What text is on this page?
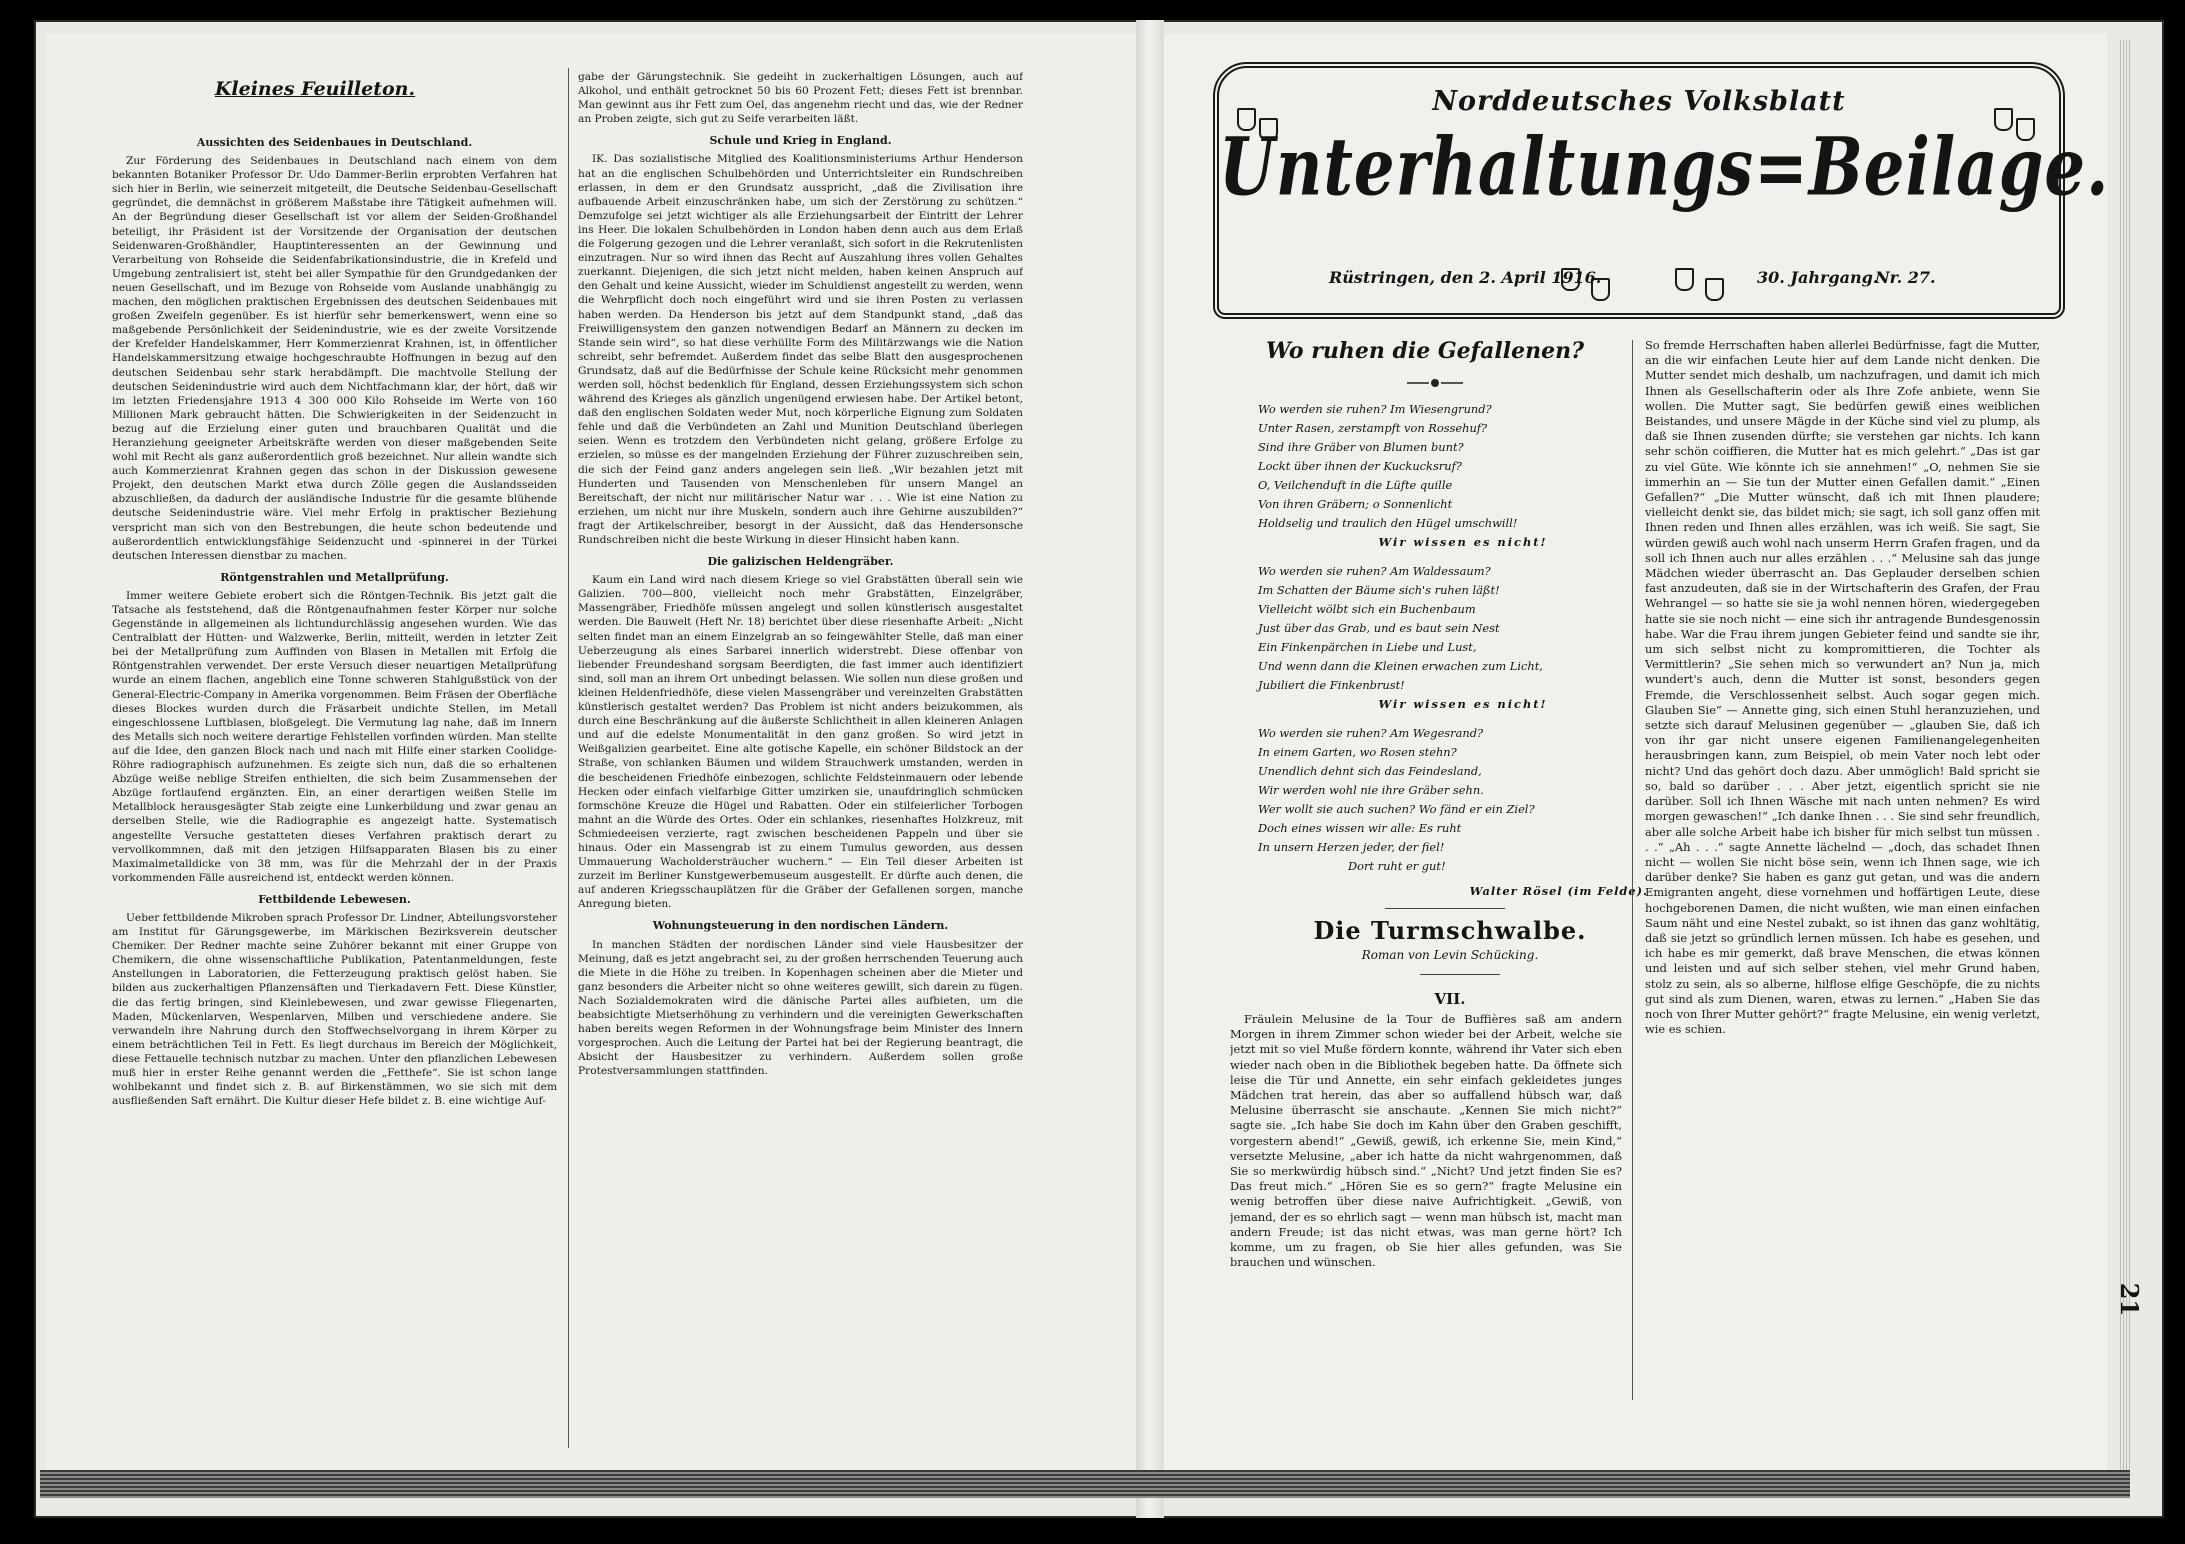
Kleines Feuilleton.
Aussichten des Seidenbaues in Deutschland.

Zur Förderung des Seidenbaues in Deutschland nach einem von dem bekannten Botaniker Professor Dr. Udo Dammer-Berlin erprobten Verfahren hat sich hier in Berlin, wie seinerzeit mitgeteilt, die Deutsche Seidenbau-Gesellschaft gegründet, die demnächst in größerem Maßstabe ihre Tätigkeit aufnehmen will. An der Begründung dieser Gesellschaft ist vor allem der Seiden-Großhandel beteiligt, ihr Präsident ist der Vorsitzende der Organisation der deutschen Seidenwaren-Großhändler, Hauptinteressenten an der Gewinnung und Verarbeitung von Rohseide die Seidenfabrikationsindustrie, die in Krefeld und Umgebung zentralisiert ist, steht bei aller Sympathie für den Grundgedanken der neuen Gesellschaft, und im Bezuge von Rohseide vom Auslande unabhängig zu machen, den möglichen praktischen Ergebnissen des deutschen Seidenbaues mit großen Zweifeln gegenüber. Es ist hierfür sehr bemerkenswert, wenn eine so maßgebende Persönlichkeit der Seidenindustrie, wie es der zweite Vorsitzende der Krefelder Handelskammer, Herr Kommerzienrat Krahnen, ist, in öffentlicher Handelskammersitzung etwaige hochgeschraubte Hoffnungen in bezug auf den deutschen Seidenbau sehr stark herabdämpft. Die machtvolle Stellung der deutschen Seidenindustrie wird auch dem Nichtfachmann klar, der hört, daß wir im letzten Friedensjahre 1913 4 300 000 Kilo Rohseide im Werte von 160 Millionen Mark gebraucht hätten. Die Schwierigkeiten in der Seidenzucht in bezug auf die Erzielung einer guten und brauchbaren Qualität und die Heranziehung geeigneter Arbeitskräfte werden von dieser maßgebenden Seite wohl mit Recht als ganz außerordentlich groß bezeichnet. Nur allein wandte sich auch Kommerzienrat Krahnen gegen das schon in der Diskussion gewesene Projekt, den deutschen Markt etwa durch Zölle gegen die Auslandsseiden abzuschließen, da dadurch der ausländische Industrie für die gesamte blühende deutsche Seidenindustrie wäre. Viel mehr Erfolg in praktischer Beziehung verspricht man sich von den Bestrebungen, die heute schon bedeutende und außerordentlich entwicklungsfähige Seidenzucht und -spinnerei in der Türkei deutschen Interessen dienstbar zu machen.

Röntgenstrahlen und Metallprüfung.

Immer weitere Gebiete erobert sich die Röntgen-Technik. Bis jetzt galt die Tatsache als feststehend, daß die Röntgenaufnahmen fester Körper nur solche Gegenstände in allgemeinen als lichtundurchlässig angesehen wurden. Wie das Centralblatt der Hütten- und Walzwerke, Berlin, mitteilt, werden in letzter Zeit bei der Metallprüfung zum Auffinden von Blasen in Metallen mit Erfolg die Röntgenstrahlen verwendet. Der erste Versuch dieser neuartigen Metallprüfung wurde an einem flachen, angeblich eine Tonne schweren Stahlgußstück von der General-Electric-Company in Amerika vorgenommen. Beim Fräsen der Oberfläche dieses Blockes wurden durch die Fräsarbeit undichte Stellen, im Metall eingeschlossene Luftblasen, bloßgelegt. Die Vermutung lag nahe, daß im Innern des Metalls sich noch weitere derartige Fehlstellen vorfinden würden. Man stellte auf die Idee, den ganzen Block nach und nach mit Hilfe einer starken Coolidge-Röhre radiographisch aufzunehmen. Es zeigte sich nun, daß die so erhaltenen Abzüge weiße neblige Streifen enthielten, die sich beim Zusammensehen der Abzüge fortlaufend ergänzten. Ein, an einer derartigen weißen Stelle im Metallblock herausgesägter Stab zeigte eine Lunkerbildung und zwar genau an derselben Stelle, wie die Radiographie es angezeigt hatte. Systematisch angestellte Versuche gestatteten dieses Verfahren praktisch derart zu vervollkommnen, daß mit den jetzigen Hilfsapparaten Blasen bis zu einer Maximalmetalldicke von 38 mm, was für die Mehrzahl der in der Praxis vorkommenden Fälle ausreichend ist, entdeckt werden können.

Fettbildende Lebewesen.

Ueber fettbildende Mikroben sprach Professor Dr. Lindner, Abteilungsvorsteher am Institut für Gärungsgewerbe, im Märkischen Bezirksverein deutscher Chemiker. Der Redner machte seine Zuhörer bekannt mit einer Gruppe von Chemikern, die ohne wissenschaftliche Publikation, Patentanmeldungen, feste Anstellungen in Laboratorien, die Fetterzeugung praktisch gelöst haben. Sie bilden aus zuckerhaltigen Pflanzensäften und Tierkadavern Fett. Diese Künstler, die das fertig bringen, sind Kleinlebewesen, und zwar gewisse Fliegenarten, Maden, Mückenlarven, Wespenlarven, Milben und verschiedene andere. Sie verwandeln ihre Nahrung durch den Stoffwechselvorgang in ihrem Körper zu einem beträchtlichen Teil in Fett. Es liegt durchaus im Bereich der Möglichkeit, diese Fettauelle technisch nutzbar zu machen. Unter den pflanzlichen Lebewesen muß hier in erster Reihe genannt werden die „Fetthefe“. Sie ist schon lange wohlbekannt und findet sich z. B. auf Birkenstämmen, wo sie sich mit dem ausfließenden Saft ernährt. Die Kultur dieser Hefe bildet z. B. eine wichtige Auf-

gabe der Gärungstechnik. Sie gedeiht in zuckerhaltigen Lösungen, auch auf Alkohol, und enthält getrocknet 50 bis 60 Prozent Fett; dieses Fett ist brennbar. Man gewinnt aus ihr Fett zum Oel, das angenehm riecht und das, wie der Redner an Proben zeigte, sich gut zu Seife verarbeiten läßt.

Schule und Krieg in England.

IK. Das sozialistische Mitglied des Koalitionsministeriums Arthur Henderson hat an die englischen Schulbehörden und Unterrichtsleiter ein Rundschreiben erlassen, in dem er den Grundsatz ausspricht, „daß die Zivilisation ihre aufbauende Arbeit einzuschränken habe, um sich der Zerstörung zu schützen.“ Demzufolge sei jetzt wichtiger als alle Erziehungsarbeit der Eintritt der Lehrer ins Heer. Die lokalen Schulbehörden in London haben denn auch aus dem Erlaß die Folgerung gezogen und die Lehrer veranlaßt, sich sofort in die Rekrutenlisten einzutragen. Nur so wird ihnen das Recht auf Auszahlung ihres vollen Gehaltes zuerkannt. Diejenigen, die sich jetzt nicht melden, haben keinen Anspruch auf den Gehalt und keine Aussicht, wieder im Schuldienst angestellt zu werden, wenn die Wehrpflicht doch noch eingeführt wird und sie ihren Posten zu verlassen haben werden. Da Henderson bis jetzt auf dem Standpunkt stand, „daß das Freiwilligensystem den ganzen notwendigen Bedarf an Männern zu decken im Stande sein wird“, so hat diese verhüllte Form des Militärzwangs wie die Nation schreibt, sehr befremdet. Außerdem findet das selbe Blatt den ausgesprochenen Grundsatz, daß auf die Bedürfnisse der Schule keine Rücksicht mehr genommen werden soll, höchst bedenklich für England, dessen Erziehungssystem sich schon während des Krieges als gänzlich ungenügend erwiesen habe. Der Artikel betont, daß den englischen Soldaten weder Mut, noch körperliche Eignung zum Soldaten fehle und daß die Verbündeten an Zahl und Munition Deutschland überlegen seien. Wenn es trotzdem den Verbündeten nicht gelang, größere Erfolge zu erzielen, so müsse es der mangelnden Erziehung der Führer zuzuschreiben sein, die sich der Feind ganz anders angelegen sein ließ. „Wir bezahlen jetzt mit Hunderten und Tausenden von Menschenleben für unsern Mangel an Bereitschaft, der nicht nur militärischer Natur war . . . Wie ist eine Nation zu erziehen, um nicht nur ihre Muskeln, sondern auch ihre Gehirne auszubilden?“ fragt der Artikelschreiber, besorgt in der Aussicht, daß das Hendersonsche Rundschreiben nicht die beste Wirkung in dieser Hinsicht haben kann.

Die galizischen Heldengräber.

Kaum ein Land wird nach diesem Kriege so viel Grabstätten überall sein wie Galizien. 700—800, vielleicht noch mehr Grabstätten, Einzelgräber, Massengräber, Friedhöfe müssen angelegt und sollen künstlerisch ausgestaltet werden. Die Bauwelt (Heft Nr. 18) berichtet über diese riesenhafte Arbeit: „Nicht selten findet man an einem Einzelgrab an so feingewählter Stelle, daß man einer Ueberzeugung als eines Sarbarei innerlich widerstrebt. Diese offenbar von liebender Freundeshand sorgsam Beerdigten, die fast immer auch identifiziert sind, soll man an ihrem Ort unbedingt belassen. Wie sollen nun diese großen und kleinen Heldenfriedhöfe, diese vielen Massengräber und vereinzelten Grabstätten künstlerisch gestaltet werden? Das Problem ist nicht anders beizukommen, als durch eine Beschränkung auf die äußerste Schlichtheit in allen kleineren Anlagen und auf die edelste Monumentalität in den ganz großen. So wird jetzt in Weißgalizien gearbeitet. Eine alte gotische Kapelle, ein schöner Bildstock an der Straße, von schlanken Bäumen und wildem Strauchwerk umstanden, werden in die bescheidenen Friedhöfe einbezogen, schlichte Feldsteinmauern oder lebende Hecken oder einfach vielfarbige Gitter umzirken sie, unaufdringlich schmücken formschöne Kreuze die Hügel und Rabatten. Oder ein stilfeierlicher Torbogen mahnt an die Würde des Ortes. Oder ein schlankes, riesenhaftes Holzkreuz, mit Schmiedeeisen verzierte, ragt zwischen bescheidenen Pappeln und über sie hinaus. Oder ein Massengrab ist zu einem Tumulus geworden, aus dessen Ummauerung Wacholdersträucher wuchern.“ — Ein Teil dieser Arbeiten ist zurzeit im Berliner Kunstgewerbemuseum ausgestellt. Er dürfte auch denen, die auf anderen Kriegsschauplätzen für die Gräber der Gefallenen sorgen, manche Anregung bieten.

Wohnungsteuerung in den nordischen Ländern.

In manchen Städten der nordischen Länder sind viele Hausbesitzer der Meinung, daß es jetzt angebracht sei, zu der großen herrschenden Teuerung auch die Miete in die Höhe zu treiben. In Kopenhagen scheinen aber die Mieter und ganz besonders die Arbeiter nicht so ohne weiteres gewillt, sich darein zu fügen. Nach Sozialdemokraten wird die dänische Partei alles aufbieten, um die beabsichtigte Mietserhöhung zu verhindern und die vereinigten Gewerkschaften haben bereits wegen Reformen in der Wohnungsfrage beim Minister des Innern vorgesprochen. Auch die Leitung der Partei hat bei der Regierung beantragt, die Absicht der Hausbesitzer zu verhindern. Außerdem sollen große Protestversammlungen stattfinden.

Norddeutsches Volksblatt
Unterhaltungs=Beilage.
Rüstringen, den 2. April 1916.	30. Jahrgang.
Nr. 27.
Wo ruhen die Gefallenen?
Wo werden sie ruhen? Im Wiesengrund?
Unter Rasen, zerstampft von Rossehuf?
Sind ihre Gräber von Blumen bunt?
Lockt über ihnen der Kuckucksruf?
O, Veilchenduft in die Lüfte quille
Von ihren Gräbern; o Sonnenlicht
Holdselig und traulich den Hügel umschwill!
Wir wissen es nicht!
Wo werden sie ruhen? Am Waldessaum?
Im Schatten der Bäume sich's ruhen läßt!
Vielleicht wölbt sich ein Buchenbaum
Just über das Grab, und es baut sein Nest
Ein Finkenpärchen in Liebe und Lust,
Und wenn dann die Kleinen erwachen zum Licht,
Jubiliert die Finkenbrust!
Wir wissen es nicht!
Wo werden sie ruhen? Am Wegesrand?
In einem Garten, wo Rosen stehn?
Unendlich dehnt sich das Feindesland,
Wir werden wohl nie ihre Gräber sehn.
Wer wollt sie auch suchen? Wo fänd er ein Ziel?
Doch eines wissen wir alle: Es ruht
In unsern Herzen jeder, der fiel!
Dort ruht er gut!
Walter Rösel (im Felde).
Die Turmschwalbe.
Roman von Levin Schücking.
VII.

Fräulein Melusine de la Tour de Buffières saß am andern Morgen in ihrem Zimmer schon wieder bei der Arbeit, welche sie jetzt mit so viel Muße fördern konnte, während ihr Vater sich eben wieder nach oben in die Bibliothek begeben hatte. Da öffnete sich leise die Tür und Annette, ein sehr einfach gekleidetes junges Mädchen trat herein, das aber so auffallend hübsch war, daß Melusine überrascht sie anschaute. „Kennen Sie mich nicht?“ sagte sie. „Ich habe Sie doch im Kahn über den Graben geschifft, vorgestern abend!“ „Gewiß, gewiß, ich erkenne Sie, mein Kind,“ versetzte Melusine, „aber ich hatte da nicht wahrgenommen, daß Sie so merkwürdig hübsch sind.“ „Nicht? Und jetzt finden Sie es? Das freut mich.“ „Hören Sie es so gern?“ fragte Melusine ein wenig betroffen über diese naive Aufrichtigkeit. „Gewiß, von jemand, der es so ehrlich sagt — wenn man hübsch ist, macht man andern Freude; ist das nicht etwas, was man gerne hört? Ich komme, um zu fragen, ob Sie hier alles gefunden, was Sie brauchen und wünschen.

So fremde Herrschaften haben allerlei Bedürfnisse, fagt die Mutter, an die wir einfachen Leute hier auf dem Lande nicht denken. Die Mutter sendet mich deshalb, um nachzufragen, und damit ich mich Ihnen als Gesellschafterin oder als Ihre Zofe anbiete, wenn Sie wollen. Die Mutter sagt, Sie bedürfen gewiß eines weiblichen Beistandes, und unsere Mägde in der Küche sind viel zu plump, als daß sie Ihnen zusenden dürfte; sie verstehen gar nichts. Ich kann sehr schön coiffieren, die Mutter hat es mich gelehrt.“ „Das ist gar zu viel Güte. Wie könnte ich sie annehmen!“ „O, nehmen Sie sie immerhin an — Sie tun der Mutter einen Gefallen damit.“ „Einen Gefallen?“ „Die Mutter wünscht, daß ich mit Ihnen plaudere; vielleicht denkt sie, das bildet mich; sie sagt, ich soll ganz offen mit Ihnen reden und Ihnen alles erzählen, was ich weiß. Sie sagt, Sie würden gewiß auch wohl nach unserm Herrn Grafen fragen, und da soll ich Ihnen auch nur alles erzählen . . .“ Melusine sah das junge Mädchen wieder überrascht an. Das Geplauder derselben schien fast anzudeuten, daß sie in der Wirtschafterin des Grafen, der Frau Wehrangel — so hatte sie sie ja wohl nennen hören, wiedergegeben hatte sie sie noch nicht — eine sich ihr antragende Bundesgenossin habe. War die Frau ihrem jungen Gebieter feind und sandte sie ihr, um sich selbst nicht zu kompromittieren, die Tochter als Vermittlerin? „Sie sehen mich so verwundert an? Nun ja, mich wundert's auch, denn die Mutter ist sonst, besonders gegen Fremde, die Verschlossenheit selbst. Auch sogar gegen mich. Glauben Sie“ — Annette ging, sich einen Stuhl heranzuziehen, und setzte sich darauf Melusinen gegenüber — „glauben Sie, daß ich von ihr gar nicht unsere eigenen Familienangelegenheiten herausbringen kann, zum Beispiel, ob mein Vater noch lebt oder nicht? Und das gehört doch dazu. Aber unmöglich! Bald spricht sie so, bald so darüber . . . Aber jetzt, eigentlich spricht sie nie darüber. Soll ich Ihnen Wäsche mit nach unten nehmen? Es wird morgen gewaschen!“ „Ich danke Ihnen . . . Sie sind sehr freundlich, aber alle solche Arbeit habe ich bisher für mich selbst tun müssen . . .“ „Ah . . .“ sagte Annette lächelnd — „doch, das schadet Ihnen nicht — wollen Sie nicht böse sein, wenn ich Ihnen sage, wie ich darüber denke? Sie haben es ganz gut getan, und was die andern Emigranten angeht, diese vornehmen und hoffärtigen Leute, diese hochgeborenen Damen, die nicht wußten, wie man einen einfachen Saum näht und eine Nestel zubakt, so ist ihnen das ganz wohltätig, daß sie jetzt so gründlich lernen müssen. Ich habe es gesehen, und ich habe es mir gemerkt, daß brave Menschen, die etwas können und leisten und auf sich selber stehen, viel mehr Grund haben, stolz zu sein, als so alberne, hilflose elfige Geschöpfe, die zu nichts gut sind als zum Dienen, waren, etwas zu lernen.“ „Haben Sie das noch von Ihrer Mutter gehört?“ fragte Melusine, ein wenig verletzt, wie es schien.

21
